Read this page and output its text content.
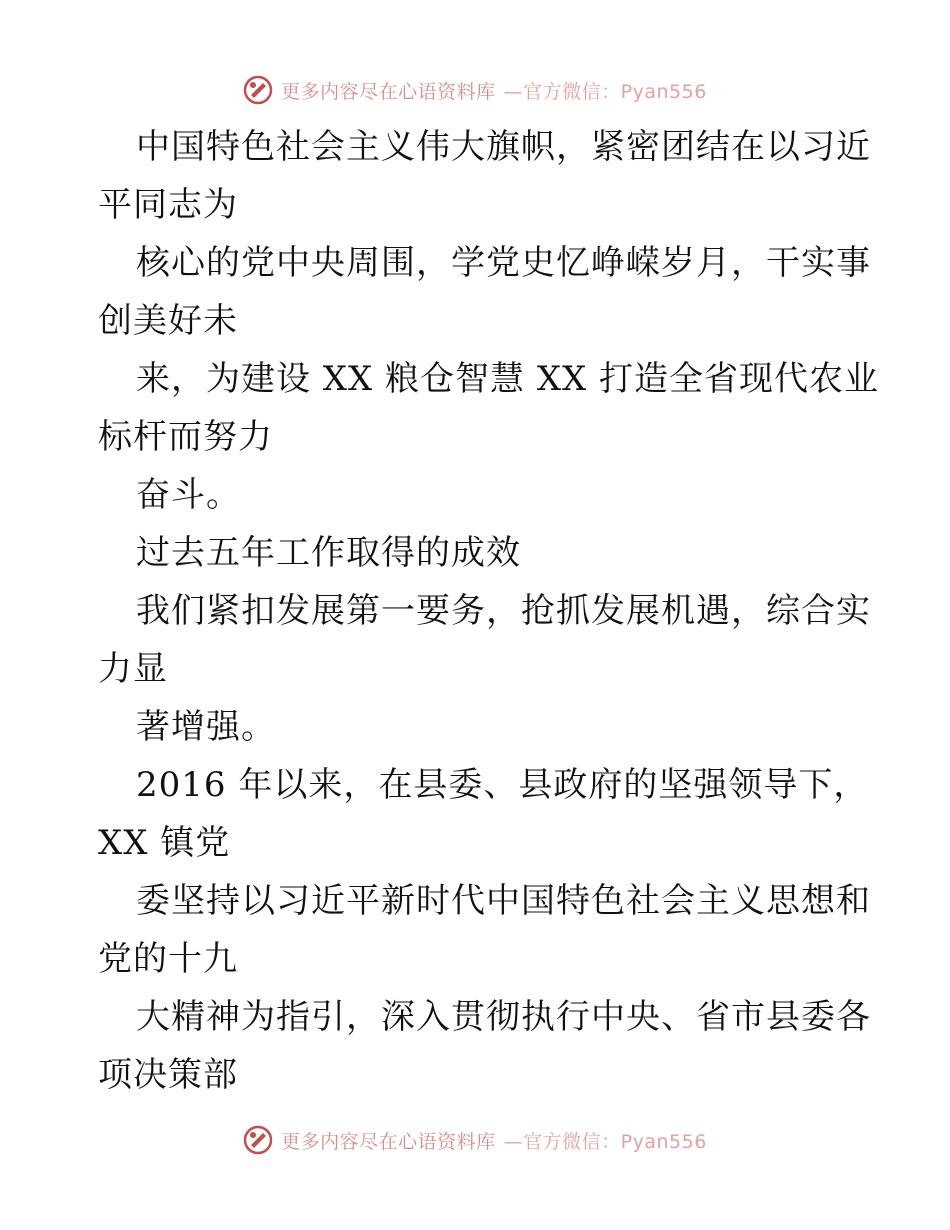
更多内容尽在心语资料库 —官方微信：Pyan556
中国特色社会主义伟大旗帜，紧密团结在以习近
平同志为
核心的党中央周围，学党史忆峥嵘岁月，干实事
创美好未
来，为建设 XX 粮仓智慧 XX 打造全省现代农业
标杆而努力
奋斗。
过去五年工作取得的成效
我们紧扣发展第一要务，抢抓发展机遇，综合实
力显
著增强。
2016 年以来，在县委、县政府的坚强领导下，
XX 镇党
委坚持以习近平新时代中国特色社会主义思想和
党的十九
大精神为指引，深入贯彻执行中央、省市县委各
项决策部
更多内容尽在心语资料库 —官方微信：Pyan556
